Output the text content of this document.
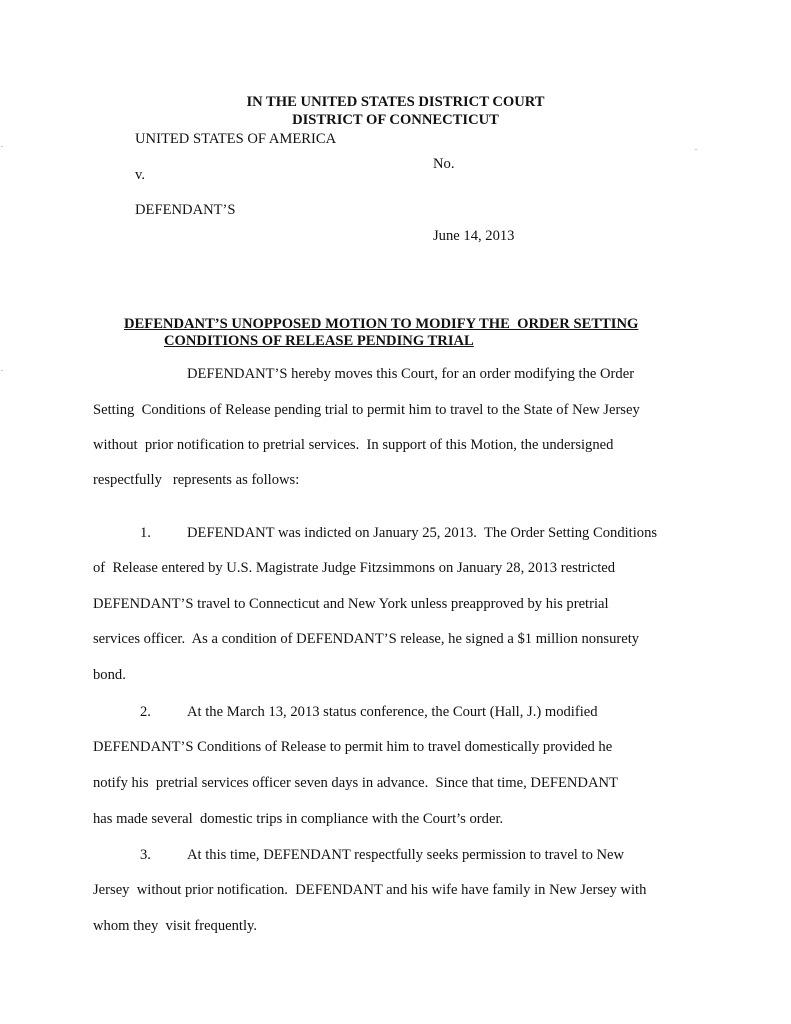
IN THE UNITED STATES DISTRICT COURT
DISTRICT OF CONNECTICUT
UNITED STATES OF AMERICA
No.
v.
DEFENDANT’S
June 14, 2013
DEFENDANT’S UNOPPOSED MOTION TO MODIFY THE  ORDER SETTING
CONDITIONS OF RELEASE PENDING TRIAL
DEFENDANT’S hereby moves this Court, for an order modifying the Order
Setting  Conditions of Release pending trial to permit him to travel to the State of New Jersey
without  prior notification to pretrial services.  In support of this Motion, the undersigned
respectfully   represents as follows:
1. DEFENDANT was indicted on January 25, 2013.  The Order Setting Conditions
of  Release entered by U.S. Magistrate Judge Fitzsimmons on January 28, 2013 restricted
DEFENDANT’S travel to Connecticut and New York unless preapproved by his pretrial
services officer.  As a condition of DEFENDANT’S release, he signed a $1 million nonsurety
bond.
2. At the March 13, 2013 status conference, the Court (Hall, J.) modified
DEFENDANT’S Conditions of Release to permit him to travel domestically provided he
notify his  pretrial services officer seven days in advance.  Since that time, DEFENDANT
has made several  domestic trips in compliance with the Court’s order.
3. At this time, DEFENDANT respectfully seeks permission to travel to New
Jersey  without prior notification.  DEFENDANT and his wife have family in New Jersey with
whom they  visit frequently.
